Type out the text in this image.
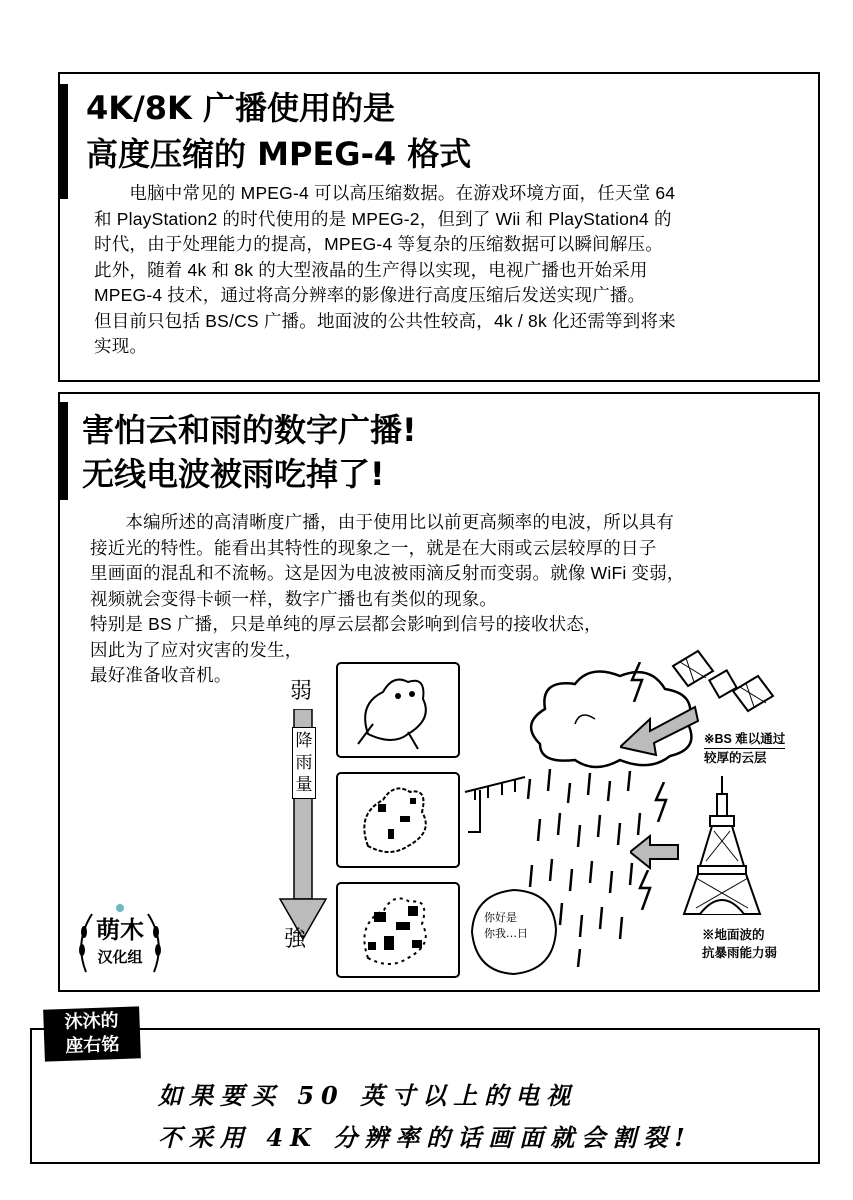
4K/8K 广播使用的是
高度压缩的 MPEG-4 格式

　　电脑中常见的 MPEG-4 可以高压缩数据。在游戏环境方面，任天堂 64

和 PlayStation2 的时代使用的是 MPEG-2，但到了 Wii 和 PlayStation4 的

时代，由于处理能力的提高，MPEG-4 等复杂的压缩数据可以瞬间解压。

此外，随着 4k 和 8k 的大型液晶的生产得以实现，电视广播也开始采用

MPEG-4 技术，通过将高分辨率的影像进行高度压缩后发送实现广播。

但目前只包括 BS/CS 广播。地面波的公共性较高，4k / 8k 化还需等到将来

实现。

害怕云和雨的数字广播!
无线电波被雨吃掉了!

　　本编所述的高清晰度广播，由于使用比以前更高频率的电波，所以具有

接近光的特性。能看出其特性的现象之一，就是在大雨或云层较厚的日子

里画面的混乱和不流畅。这是因为电波被雨滴反射而变弱。就像 WiFi 变弱，

视频就会变得卡顿一样，数字广播也有类似的现象。

特别是 BS 广播，只是单纯的厚云层都会影响到信号的接收状态，

因此为了应对灾害的发生，

最好准备收音机。

弱
降雨量
強
※BS 难以通过
较厚的云层
※地面波的
抗暴雨能力弱
你好是
你我…日
萌木
汉化组
沐沐的
座右铭
如果要买 50 英寸以上的电视
不采用 4K 分辨率的话画面就会割裂!
